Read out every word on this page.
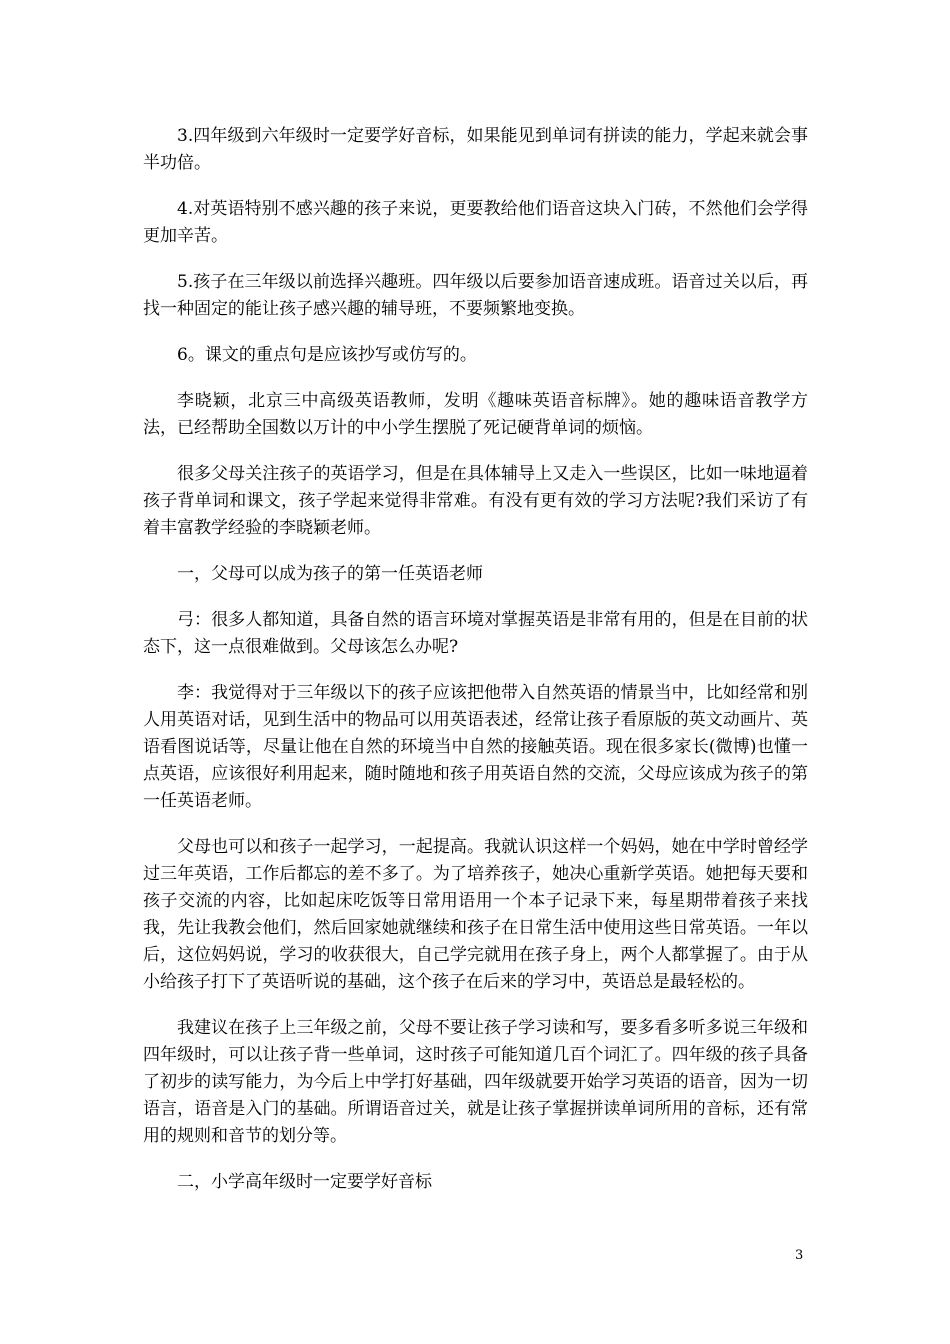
3.四年级到六年级时一定要学好音标，如果能见到单词有拼读的能力，学起来就会事半功倍。

4.对英语特别不感兴趣的孩子来说，更要教给他们语音这块入门砖，不然他们会学得更加辛苦。

5.孩子在三年级以前选择兴趣班。四年级以后要参加语音速成班。语音过关以后，再找一种固定的能让孩子感兴趣的辅导班，不要频繁地变换。

6。课文的重点句是应该抄写或仿写的。

李晓颖，北京三中高级英语教师，发明《趣味英语音标牌》。她的趣味语音教学方法，已经帮助全国数以万计的中小学生摆脱了死记硬背单词的烦恼。

很多父母关注孩子的英语学习，但是在具体辅导上又走入一些误区，比如一味地逼着孩子背单词和课文，孩子学起来觉得非常难。有没有更有效的学习方法呢?我们采访了有着丰富教学经验的李晓颖老师。

一，父母可以成为孩子的第一任英语老师

弓：很多人都知道，具备自然的语言环境对掌握英语是非常有用的，但是在目前的状态下，这一点很难做到。父母该怎么办呢?

李：我觉得对于三年级以下的孩子应该把他带入自然英语的情景当中，比如经常和别人用英语对话，见到生活中的物品可以用英语表述，经常让孩子看原版的英文动画片、英语看图说话等，尽量让他在自然的环境当中自然的接触英语。现在很多家长(微博)也懂一点英语，应该很好利用起来，随时随地和孩子用英语自然的交流，父母应该成为孩子的第一任英语老师。

父母也可以和孩子一起学习，一起提高。我就认识这样一个妈妈，她在中学时曾经学过三年英语，工作后都忘的差不多了。为了培养孩子，她决心重新学英语。她把每天要和孩子交流的内容，比如起床吃饭等日常用语用一个本子记录下来，每星期带着孩子来找我，先让我教会他们，然后回家她就继续和孩子在日常生活中使用这些日常英语。一年以后，这位妈妈说，学习的收获很大，自己学完就用在孩子身上，两个人都掌握了。由于从小给孩子打下了英语听说的基础，这个孩子在后来的学习中，英语总是最轻松的。

我建议在孩子上三年级之前，父母不要让孩子学习读和写，要多看多听多说三年级和四年级时，可以让孩子背一些单词，这时孩子可能知道几百个词汇了。四年级的孩子具备了初步的读写能力，为今后上中学打好基础，四年级就要开始学习英语的语音，因为一切语言，语音是入门的基础。所谓语音过关，就是让孩子掌握拼读单词所用的音标，还有常用的规则和音节的划分等。

二，小学高年级时一定要学好音标

3
